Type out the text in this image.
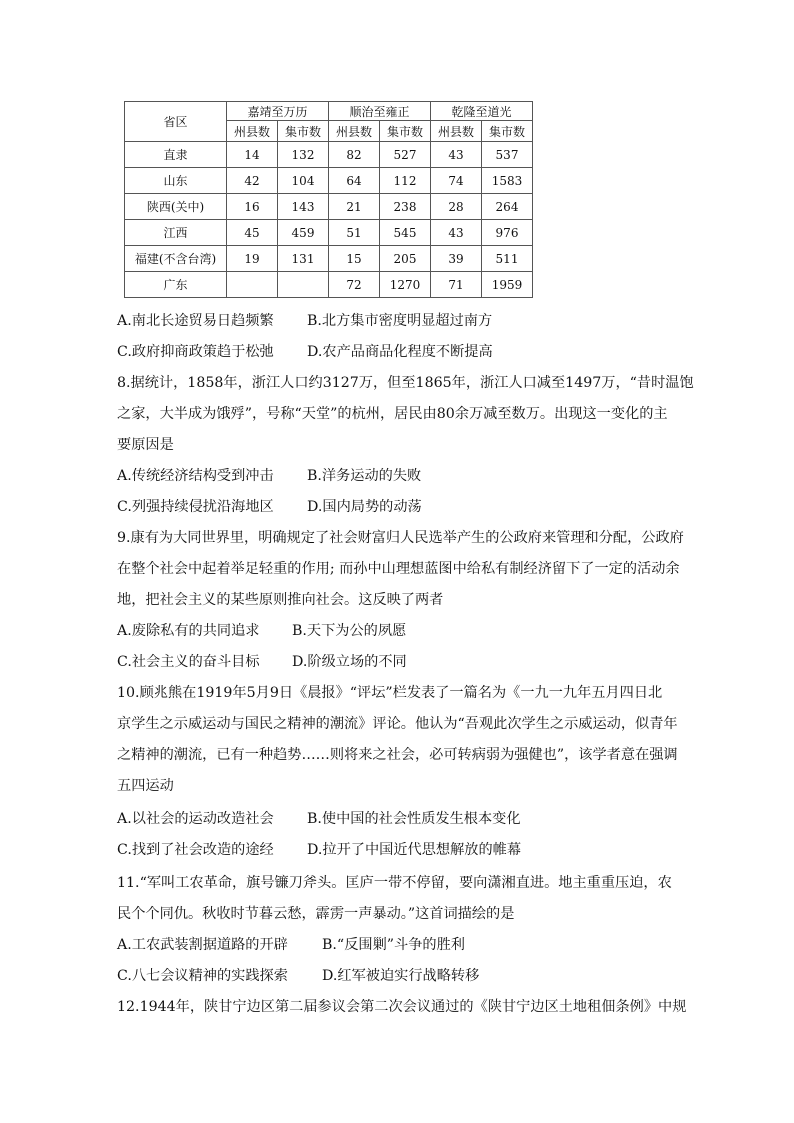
省区	嘉靖至万历		顺治至雍正		乾隆至道光	
	州县数	集市数	州县数	集市数	州县数	集市数
直隶	14	132	82	527	43	537
山东	42	104	64	112	74	1583
陕西(关中)	16	143	21	238	28	264
江西	45	459	51	545	43	976
福建(不含台湾)	19	131	15	205	39	511
广东			72	1270	71	1959
A.南北长途贸易日趋频繁 B.北方集市密度明显超过南方
C.政府抑商政策趋于松弛 D.农产品商品化程度不断提高
8.据统计，1858年，浙江人口约3127万，但至1865年，浙江人口减至1497万，“昔时温饱
之家，大半成为饿殍”，号称“天堂”的杭州，居民由80余万减至数万。出现这一变化的主
要原因是
A.传统经济结构受到冲击 B.洋务运动的失败
C.列强持续侵扰沿海地区 D.国内局势的动荡
9.康有为大同世界里，明确规定了社会财富归人民选举产生的公政府来管理和分配，公政府
在整个社会中起着举足轻重的作用; 而孙中山理想蓝图中给私有制经济留下了一定的活动余
地，把社会主义的某些原则推向社会。这反映了两者
A.废除私有的共同追求 B.天下为公的夙愿
C.社会主义的奋斗目标 D.阶级立场的不同
10.顾兆熊在1919年5月9日《晨报》“评坛”栏发表了一篇名为《一九一九年五月四日北
京学生之示威运动与国民之精神的潮流》评论。他认为“吾观此次学生之示威运动，似青年
之精神的潮流，已有一种趋势……则将来之社会，必可转病弱为强健也”，该学者意在强调
五四运动
A.以社会的运动改造社会 B.使中国的社会性质发生根本变化
C.找到了社会改造的途经 D.拉开了中国近代思想解放的帷幕
11.“军叫工农革命，旗号镰刀斧头。匡庐一带不停留，要向潇湘直进。地主重重压迫，农
民个个同仇。秋收时节暮云愁，霹雳一声暴动。”这首词描绘的是
A.工农武装割据道路的开辟 B.“反围剿”斗争的胜利
C.八七会议精神的实践探索 D.红军被迫实行战略转移
12.1944年，陕甘宁边区第二届参议会第二次会议通过的《陕甘宁边区土地租佃条例》中规
